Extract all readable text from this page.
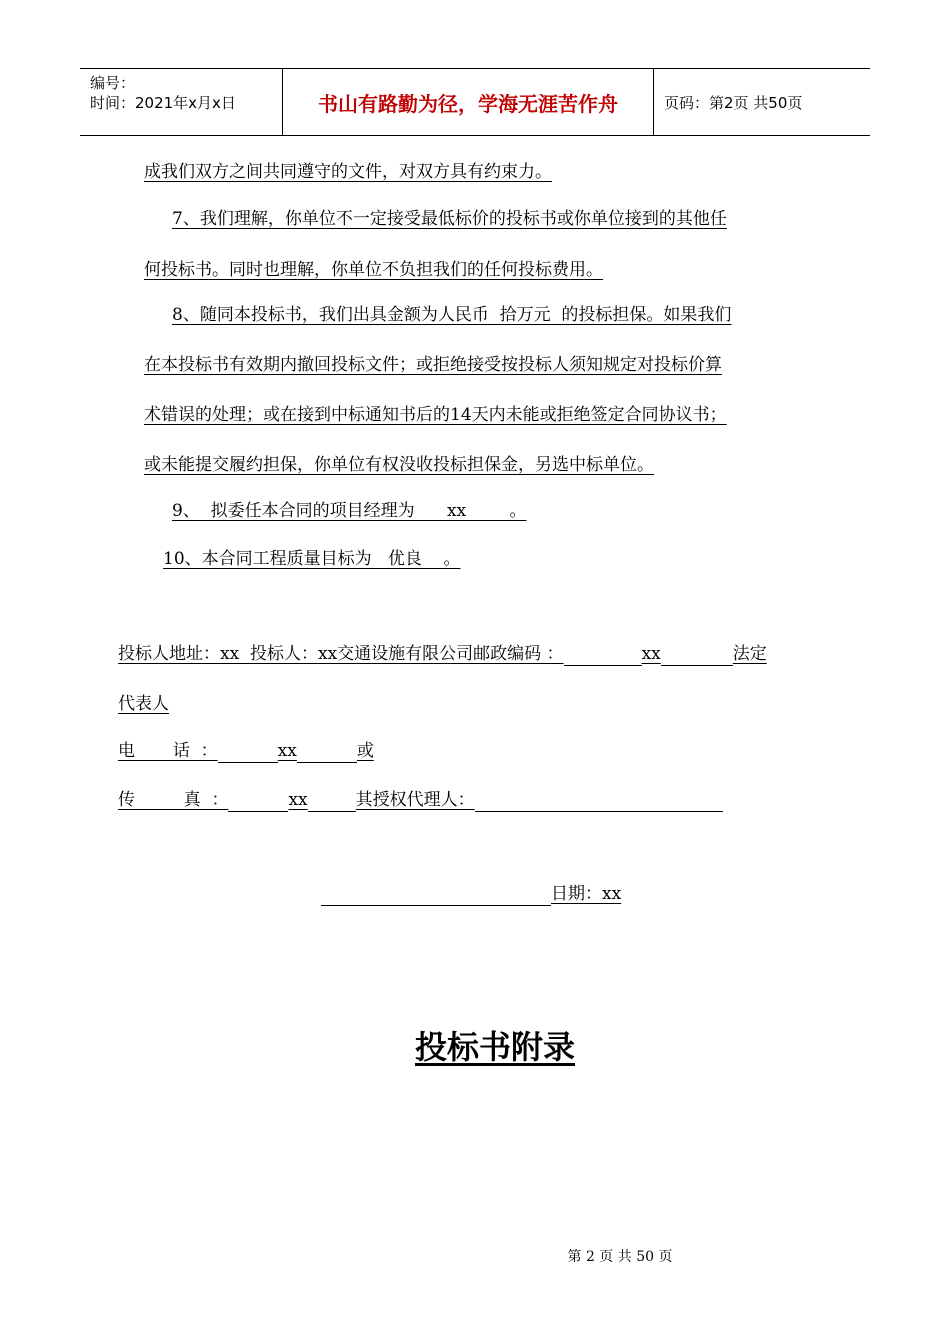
编号：
时间：2021年x月x日	书山有路勤为径，学海无涯苦作舟	页码：第2页 共50页
成我们双方之间共同遵守的文件，对双方具有约束力。
7、我们理解，你单位不一定接受最低标价的投标书或你单位接到的其他任
何投标书。同时也理解，你单位不负担我们的任何投标费用。
8、随同本投标书，我们出具金额为人民币  拾万元  的投标担保。如果我们
在本投标书有效期内撤回投标文件；或拒绝接受按投标人须知规定对投标价算
术错误的处理；或在接到中标通知书后的14天内未能或拒绝签定合同协议书；
或未能提交履约担保，你单位有权没收投标担保金，另选中标单位。
9、  拟委任本合同的项目经理为      xx        。
10、本合同工程质量目标为   优良    。
投标人地址：xx  投标人：xx交通设施有限公司邮政编码 ：	xx	法定
代表人
电       话  ：	xx	或
传         真  ：	xx	其授权代理人：
日期：xx
投标书附录
第 2 页 共 50 页
